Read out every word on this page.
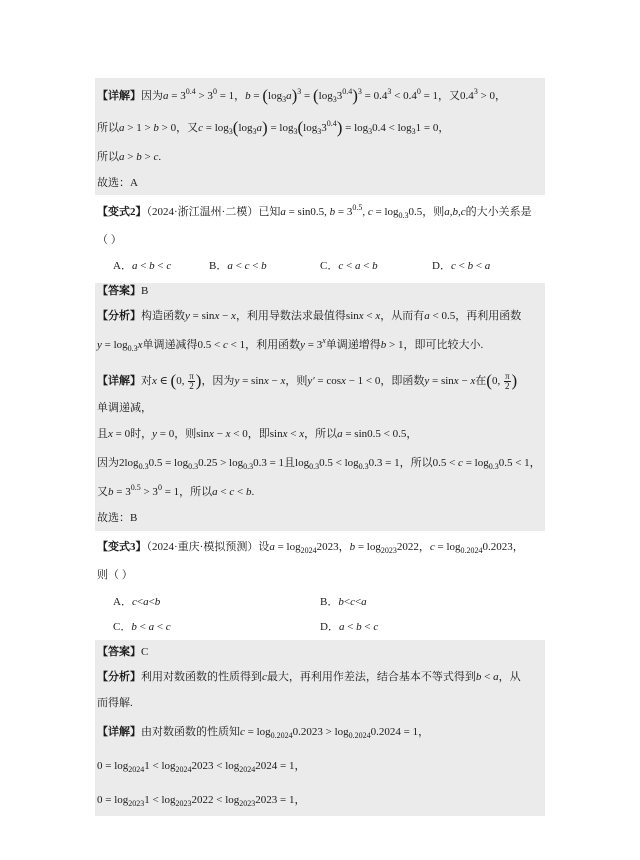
【详解】因为$a = 3^{0.4} > 3^0 = 1$，$b = (\log_3a)^3 = (\log_33^{0.4})^3 = 0.4^3 < 0.4^0 = 1$，又$0.4^3 > 0$，
所以a > 1 > b > 0，又$c = \log_3(\log_3a) = \log_3(\log_33^{0.4}) = \log_30.4 < \log_31 = 0$，
所以a > b > c.
故选：A
【变式2】（2024·浙江温州·二模）已知a = sin0.5, $b = 3^{0.5}$, $c = \log_{0.3}0.5$，则a,b,c的大小关系是
（ ）
A．a < b < c	B．a < c < b	C．c < a < b	D．c < b < a
【答案】B
【分析】构造函数y = sinx − x，利用导数法求最值得sinx < x，从而有a < 0.5，再利用函数
$y = \log_{0.3}x$单调递减得0.5 < c < 1，利用函数$y = 3^x$单调递增得b > 1，即可比较大小.
【详解】对x ∈ (0, $\frac{\pi}{2}$ )，因为y = sinx − x，则y′ = cosx − 1 < 0，即函数y = sinx − x在(0, $\frac{\pi}{2}$ )
单调递减，
且x = 0时，y = 0，则sinx − x < 0，即sinx < x，所以a = sin0.5 < 0.5，
因为$2\log_{0.3}0.5 = \log_{0.3}0.25 > \log_{0.3}0.3 = 1$且$\log_{0.3}0.5 < \log_{0.3}0.3 = 1$，所以$0.5 < c = \log_{0.3}0.5 < 1$，
又$b = 3^{0.5} > 3^0 = 1$，所以a < c < b.
故选：B
【变式3】（2024·重庆·模拟预测）设$a = \log_{2024}2023$，$b = \log_{2023}2022$，$c = \log_{0.2024}0.2023$，
则（ ）
A．c<a<b	B．b<c<a
C．b < a < c	D．a < b < c
【答案】C
【分析】利用对数函数的性质得到c最大，再利用作差法，结合基本不等式得到b < a，从
而得解.
【详解】由对数函数的性质知$c = \log_{0.2024}0.2023 > \log_{0.2024}0.2024 = 1$，
$0 = \log_{2024}1 < \log_{2024}2023 < \log_{2024}2024 = 1$，
$0 = \log_{2023}1 < \log_{2023}2022 < \log_{2023}2023 = 1$，
